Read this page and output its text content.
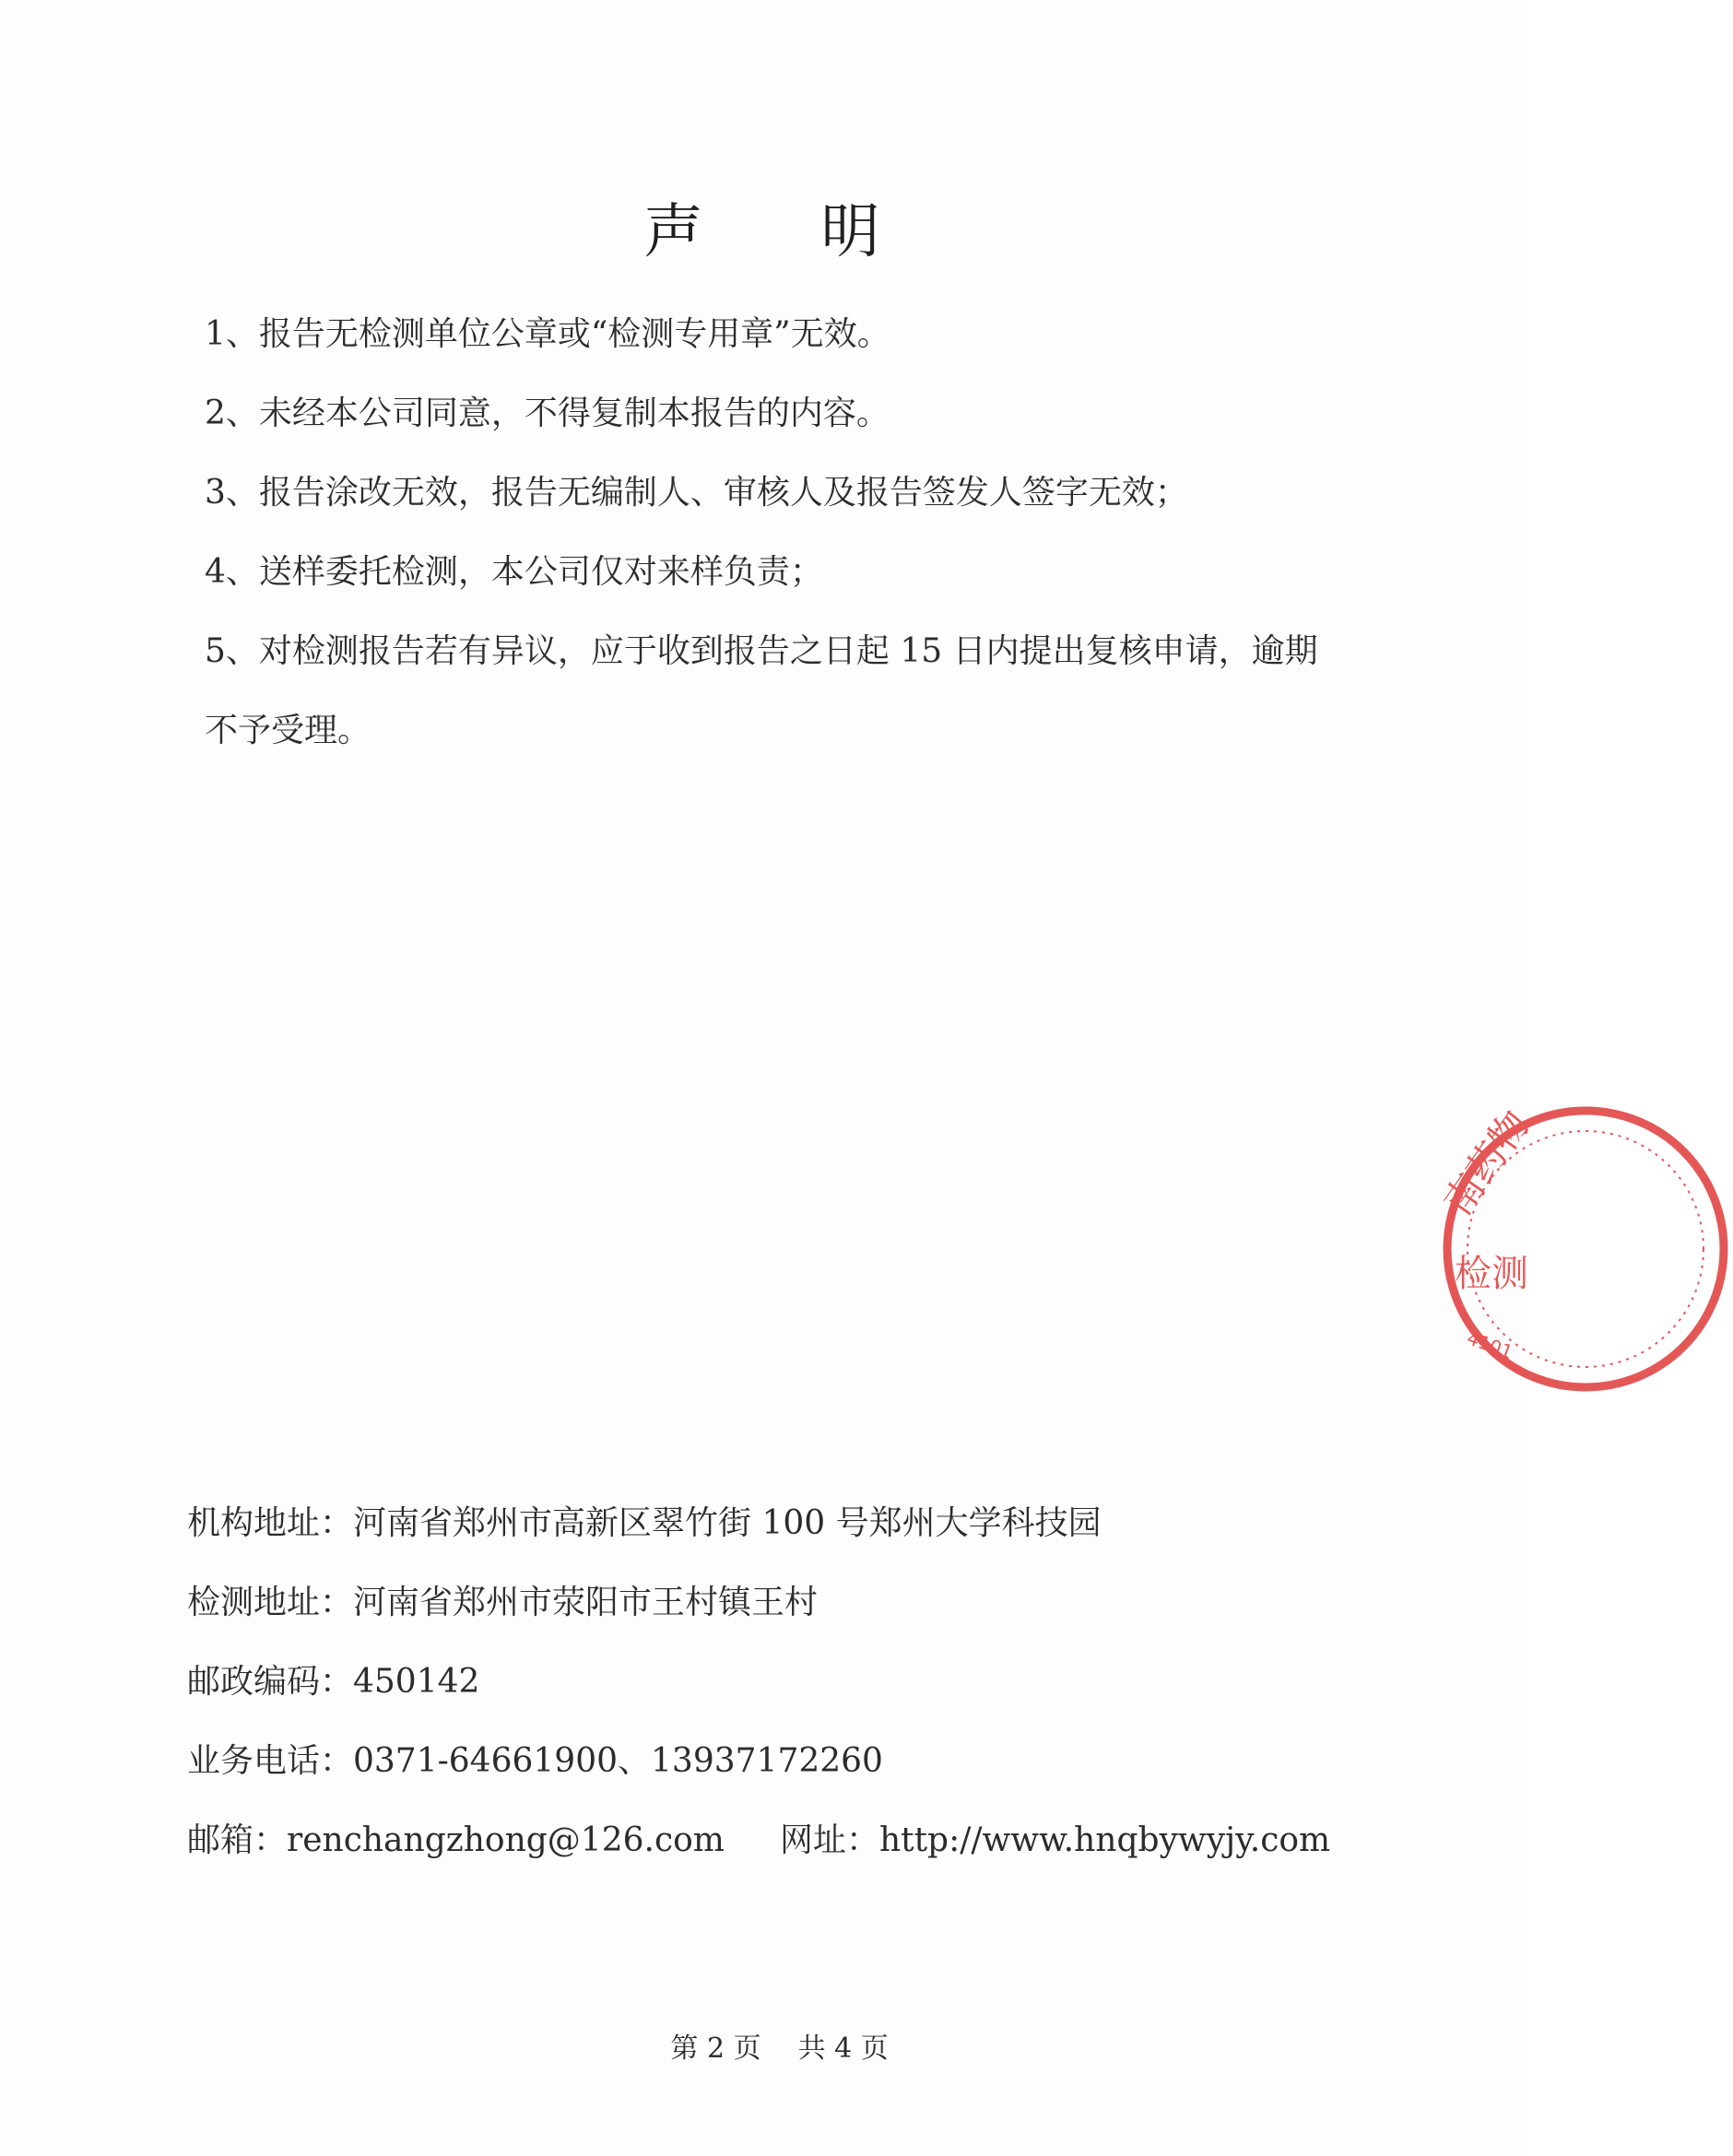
声　　明
1、报告无检测单位公章或“检测专用章”无效。
2、未经本公司同意，不得复制本报告的内容。
3、报告涂改无效，报告无编制人、审核人及报告签发人签字无效；
4、送样委托检测，本公司仅对来样负责；
5、对检测报告若有异议，应于收到报告之日起 15 日内提出复核申请，逾期
不予受理。
机构地址：河南省郑州市高新区翠竹街 100 号郑州大学科技园
检测地址：河南省郑州市荥阳市王村镇王村
邮政编码：450142
业务电话：0371-64661900、13937172260
邮箱：renchangzhong@126.com 网址：http://www.hnqbywyjy.com

第 2 页 共 4 页

南药物
检测
4101
